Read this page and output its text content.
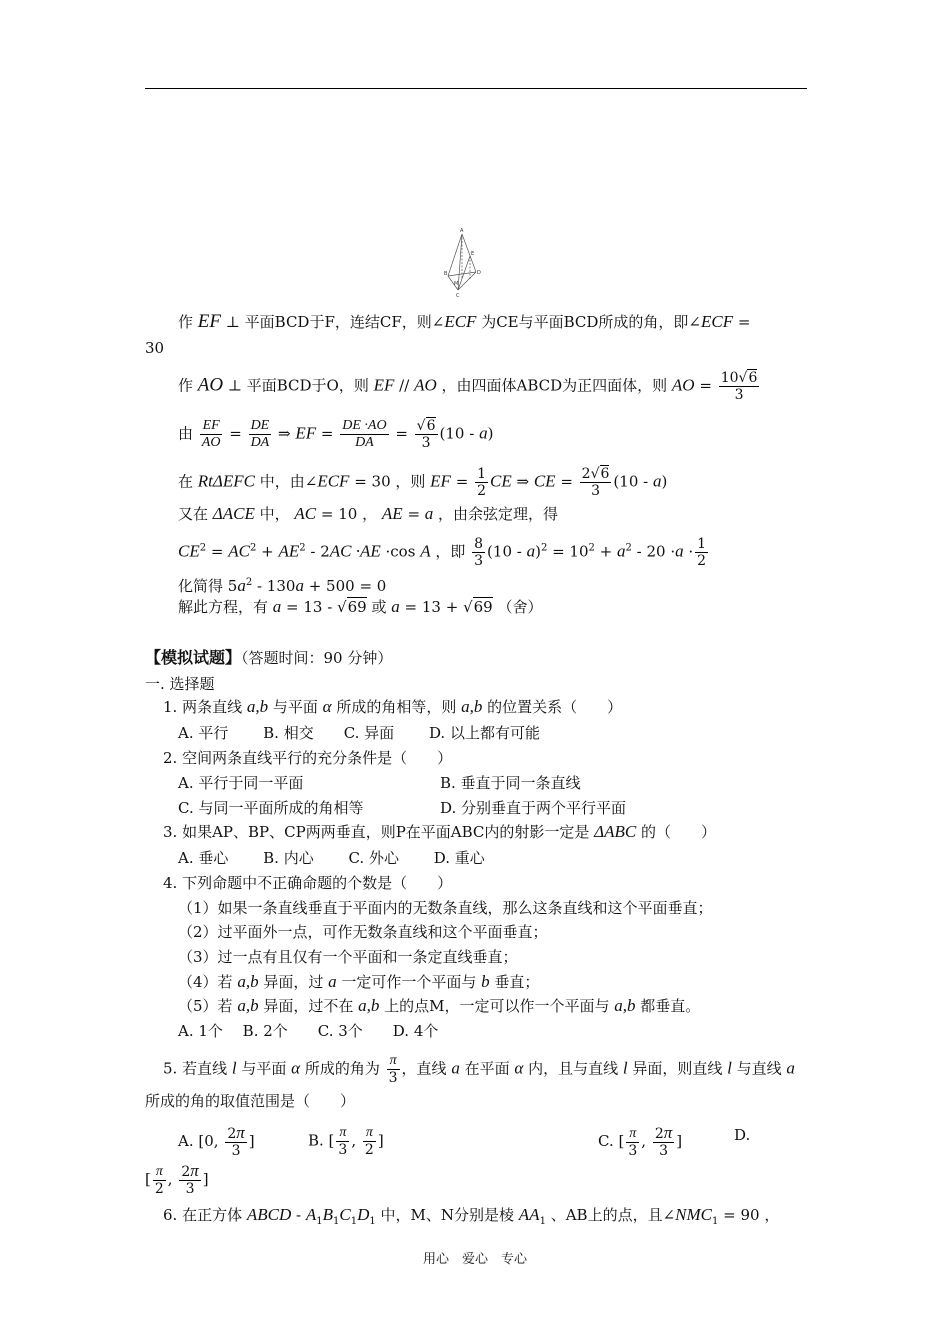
A
E
B	D
M
C
作 EF ⊥ 平面BCD于F，连结CF，则∠ECF 为CE与平面BCD所成的角，即∠ECF =
30
作 AO ⊥ 平面BCD于O，则 EF // AO ，由四面体ABCD为正四面体，则 AO = $\frac{10√6}{3}$
由 $\frac{EF}{AO} = \frac{DE}{DA}$ ⇒ EF = $\frac{DE \cdot AO}{DA} = \frac{√6}{3} (10 - a)$
在 RtΔEFC 中，由∠ECF = 30 ，则 EF = $\frac{1}{2}$ CE ⇒ CE = $\frac{2√6}{3} (10 - a)$
又在 ΔACE 中， AC = 10 ， AE = a ，由余弦定理，得
$CE^2 = AC^2 + AE^2 - 2AC \cdot AE \cdot\cos$ A ，即 $\frac{8}{3} (10 - a)^2 = 10^2 + a^2 - 20 \cdot a \cdot \frac{1}{2}$
化简得 $5a^2 - 130a + 500 = 0$
解此方程，有 a = 13 - √69 或 a = 13 + √69 （舍）
【模拟试题】（答题时间：90 分钟）
一. 选择题
1. 两条直线 a,b 与平面 α 所成的角相等，则 a,b 的位置关系（　　）
A. 平行　　 B. 相交　　C. 异面　　 D. 以上都有可能
2. 空间两条直线平行的充分条件是（　　）
A. 平行于同一平面	B. 垂直于同一条直线
C. 与同一平面所成的角相等	D. 分别垂直于两个平行平面
3. 如果AP、BP、CP两两垂直，则P在平面ABC内的射影一定是 ΔABC 的（　　）
A. 垂心　　 B. 内心　　 C. 外心　　 D. 重心
4. 下列命题中不正确命题的个数是（　　）
（1）如果一条直线垂直于平面内的无数条直线，那么这条直线和这个平面垂直；
（2）过平面外一点，可作无数条直线和这个平面垂直；
（3）过一点有且仅有一个平面和一条定直线垂直；
（4）若 a,b 异面，过 a 一定可作一个平面与 b 垂直；
（5）若 a,b 异面，过不在 a,b 上的点M，一定可以作一个平面与 a,b 都垂直。
A. 1个　 B. 2个　　C. 3个　　D. 4个
5. 若直线 l 与平面 α 所成的角为 $\frac{\pi}{3}$ ，直线 a 在平面 α 内，且与直线 l 异面，则直线 l 与直线 a
所成的角的取值范围是（　　）
A. [0, $\frac{2\pi}{3}$ ]	B. [ $\frac{\pi}{3}$ , $\frac{\pi}{2}$ ]	C. [ $\frac{\pi}{3}$ , $\frac{2\pi}{3}$ ]	D.
[ $\frac{\pi}{2}$ , $\frac{2\pi}{3}$ ]
6. 在正方体 ABCD - $A_1B_1C_1D_1$ 中，M、N分别是棱 $AA_1$ 、AB上的点，且$\angle NMC_1 = 90$ ，
用心　爱心　专心
